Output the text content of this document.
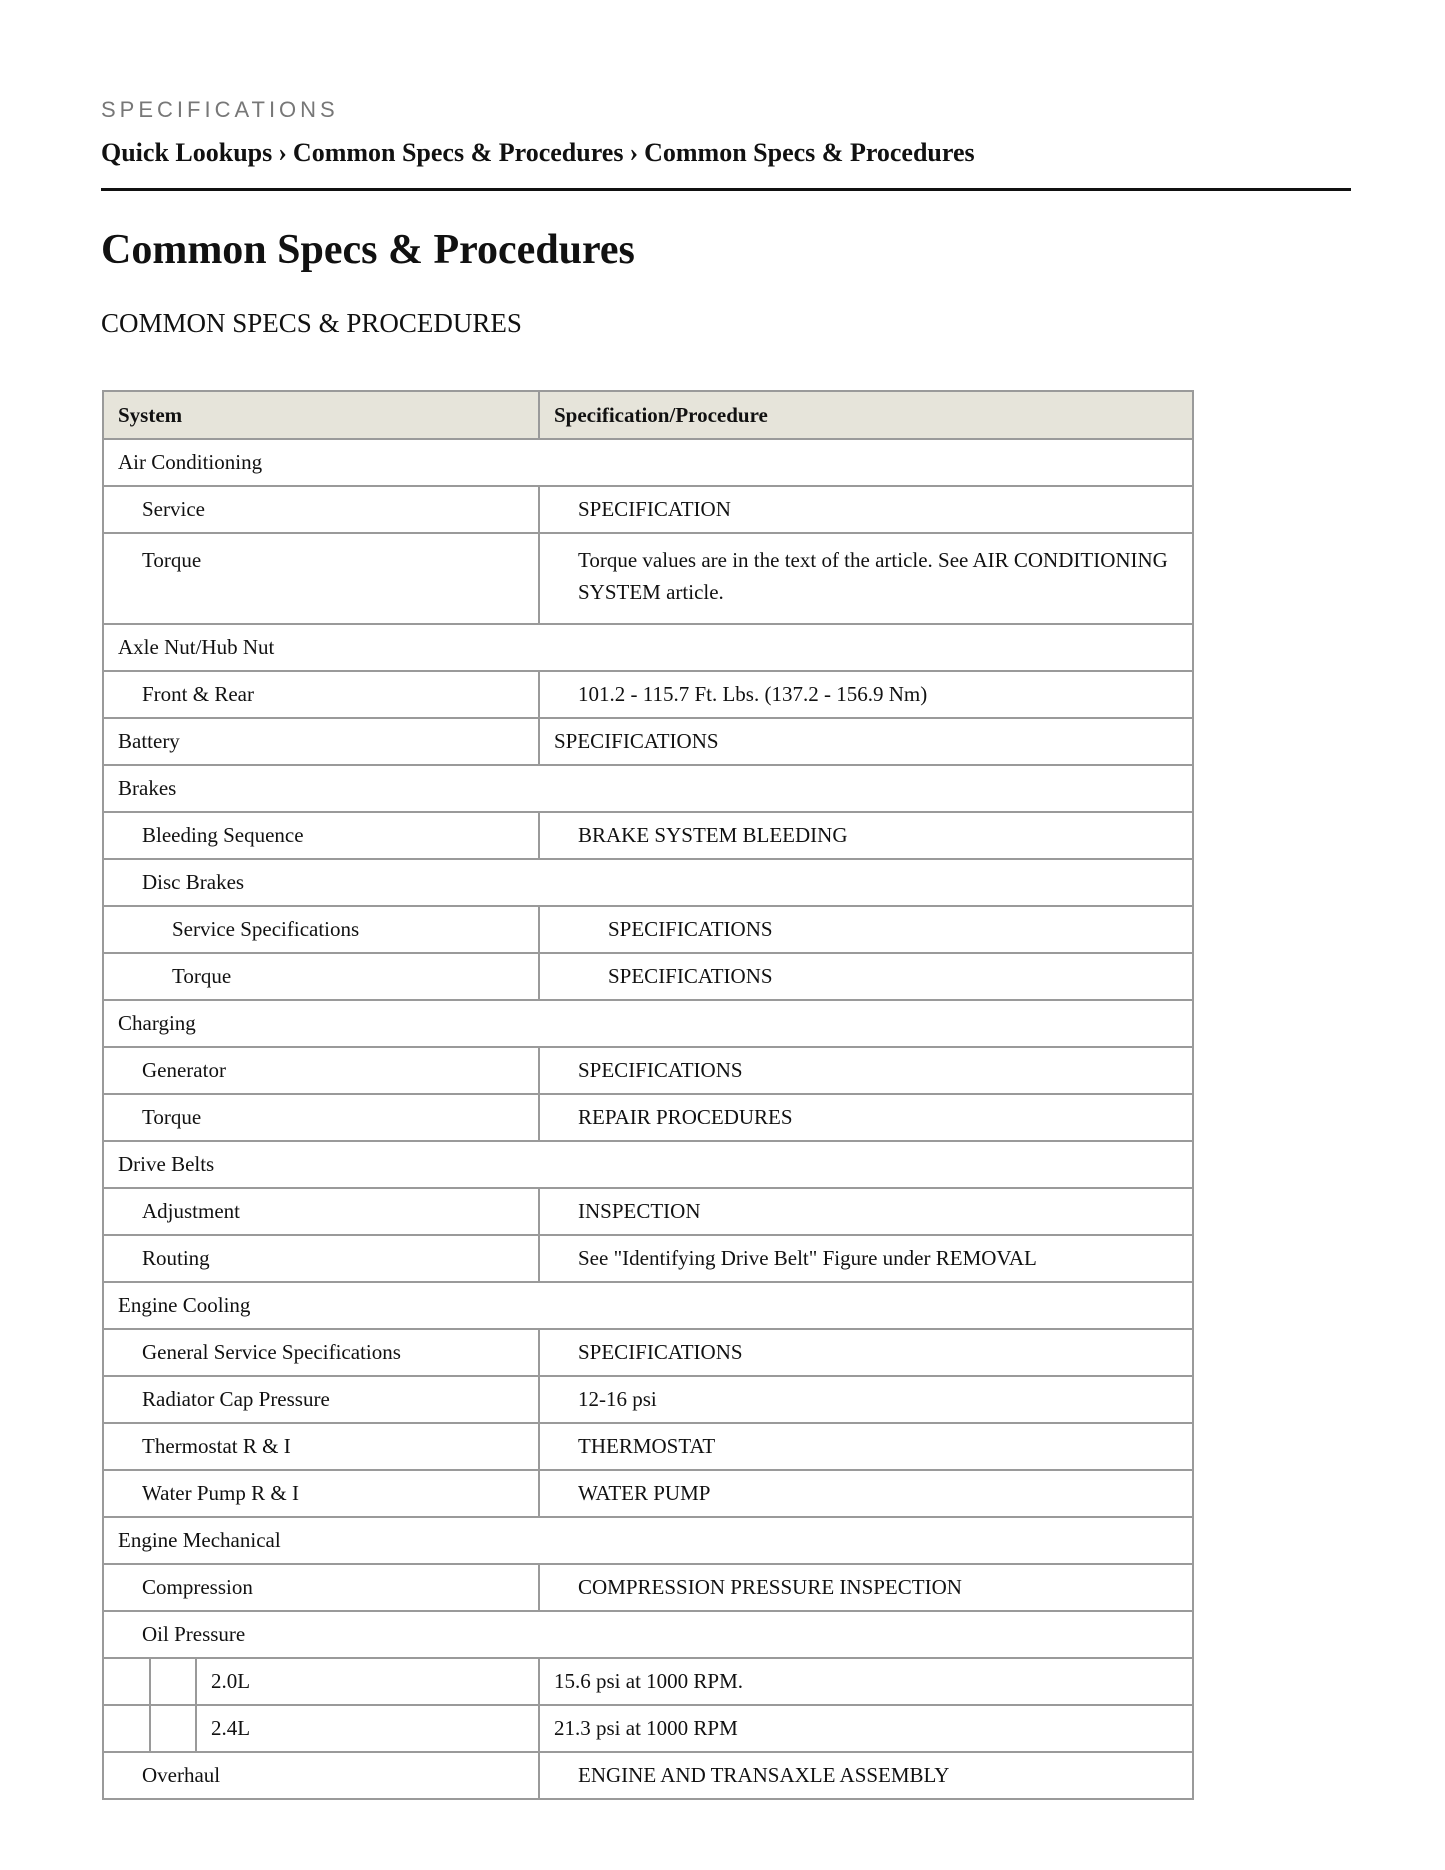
SPECIFICATIONS
Quick Lookups › Common Specs & Procedures › Common Specs & Procedures
Common Specs & Procedures
COMMON SPECS & PROCEDURES
System			Specification/Procedure
Air Conditioning			
Service			SPECIFICATION
Torque			Torque values are in the text of the article. See AIR CONDITIONING SYSTEM article.
Axle Nut/Hub Nut			
Front & Rear			101.2 - 115.7 Ft. Lbs. (137.2 - 156.9 Nm)
Battery			SPECIFICATIONS
Brakes			
Bleeding Sequence			BRAKE SYSTEM BLEEDING
Disc Brakes			
Service Specifications			SPECIFICATIONS
Torque			SPECIFICATIONS
Charging			
Generator			SPECIFICATIONS
Torque			REPAIR PROCEDURES
Drive Belts			
Adjustment			INSPECTION
Routing			See "Identifying Drive Belt" Figure under REMOVAL
Engine Cooling			
General Service Specifications			SPECIFICATIONS
Radiator Cap Pressure			12-16 psi
Thermostat R & I			THERMOSTAT
Water Pump R & I			WATER PUMP
Engine Mechanical			
Compression			COMPRESSION PRESSURE INSPECTION
Oil Pressure			
		2.0L	15.6 psi at 1000 RPM.
		2.4L	21.3 psi at 1000 RPM
Overhaul			ENGINE AND TRANSAXLE ASSEMBLY
